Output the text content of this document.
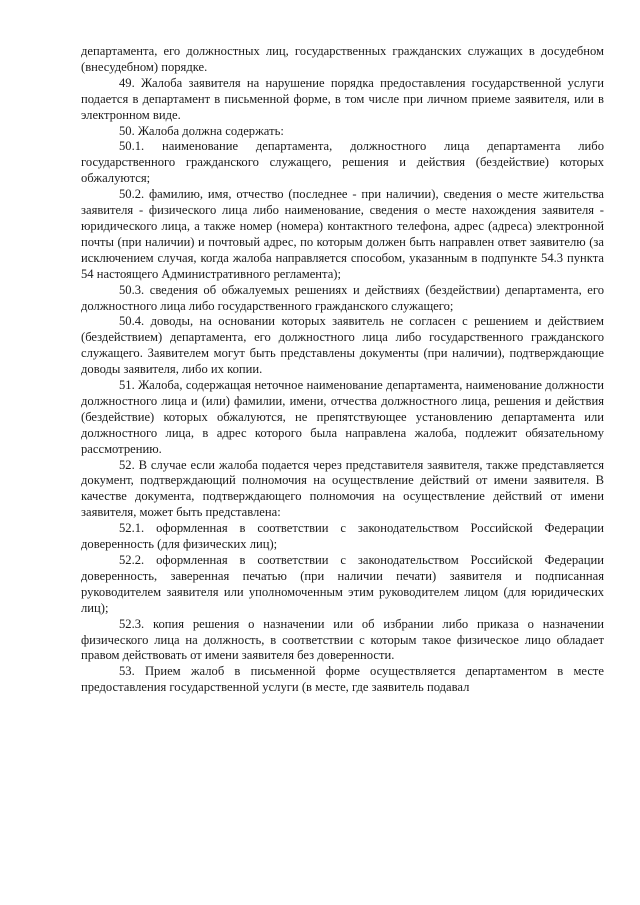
департамента, его должностных лиц, государственных гражданских служащих в досудебном (внесудебном) порядке.

49. Жалоба заявителя на нарушение порядка предоставления государственной услуги подается в департамент в письменной форме, в том числе при личном приеме заявителя, или в электронном виде.

50. Жалоба должна содержать:

50.1. наименование департамента, должностного лица департамента либо государственного гражданского служащего, решения и действия (бездействие) которых обжалуются;

50.2. фамилию, имя, отчество (последнее - при наличии), сведения о месте жительства заявителя - физического лица либо наименование, сведения о месте нахождения заявителя - юридического лица, а также номер (номера) контактного телефона, адрес (адреса) электронной почты (при наличии) и почтовый адрес, по которым должен быть направлен ответ заявителю (за исключением случая, когда жалоба направляется способом, указанным в подпункте 54.3 пункта 54 настоящего Административного регламента);

50.3. сведения об обжалуемых решениях и действиях (бездействии) департамента, его должностного лица либо государственного гражданского служащего;

50.4. доводы, на основании которых заявитель не согласен с решением и действием (бездействием) департамента, его должностного лица либо государственного гражданского служащего. Заявителем могут быть представлены документы (при наличии), подтверждающие доводы заявителя, либо их копии.

51. Жалоба, содержащая неточное наименование департамента, наименование должности должностного лица и (или) фамилии, имени, отчества должностного лица, решения и действия (бездействие) которых обжалуются, не препятствующее установлению департамента или должностного лица, в адрес которого была направлена жалоба, подлежит обязательному рассмотрению.

52. В случае если жалоба подается через представителя заявителя, также представляется документ, подтверждающий полномочия на осуществление действий от имени заявителя. В качестве документа, подтверждающего полномочия на осуществление действий от имени заявителя, может быть представлена:

52.1. оформленная в соответствии с законодательством Российской Федерации доверенность (для физических лиц);

52.2. оформленная в соответствии с законодательством Российской Федерации доверенность, заверенная печатью (при наличии печати) заявителя и подписанная руководителем заявителя или уполномоченным этим руководителем лицом (для юридических лиц);

52.3. копия решения о назначении или об избрании либо приказа о назначении физического лица на должность, в соответствии с которым такое физическое лицо обладает правом действовать от имени заявителя без доверенности.

53. Прием жалоб в письменной форме осуществляется департаментом в месте предоставления государственной услуги (в месте, где заявитель подавал
